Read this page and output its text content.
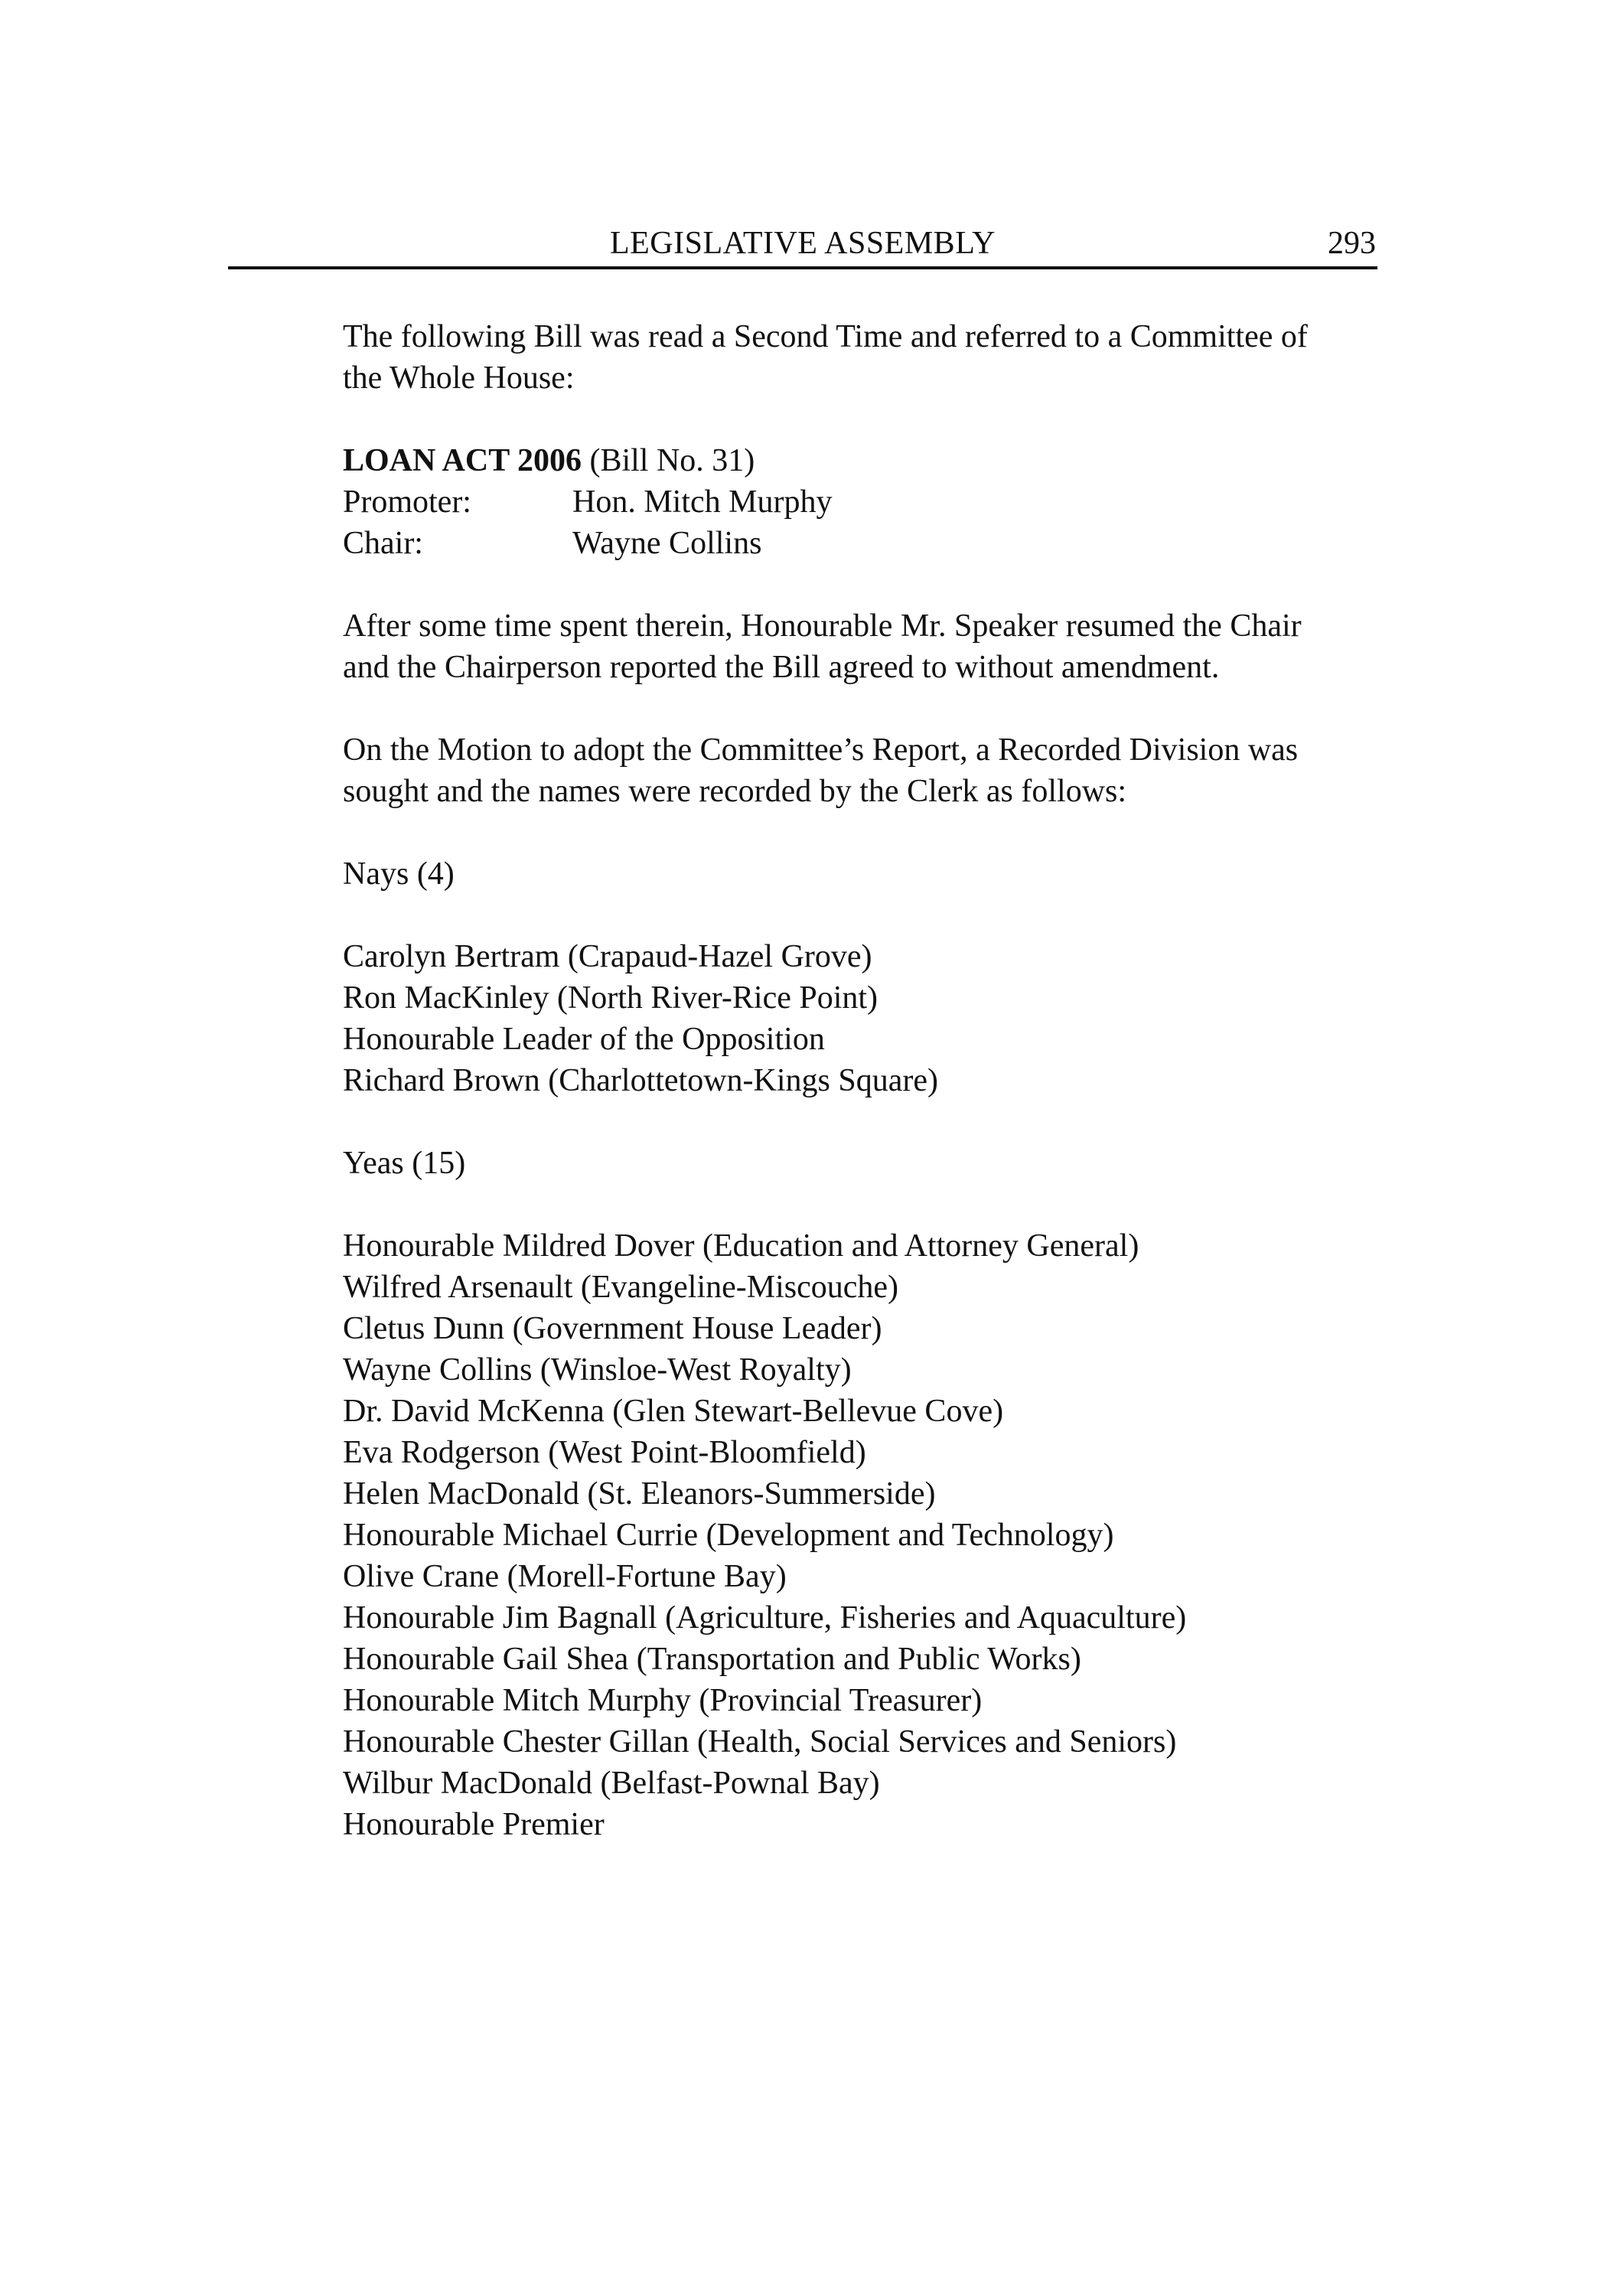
LEGISLATIVE ASSEMBLY	293

The following Bill was read a Second Time and referred to a Committee of

the Whole House:

LOAN ACT 2006 (Bill No. 31)

Promoter:	Hon. Mitch Murphy
Chair:	Wayne Collins

After some time spent therein, Honourable Mr. Speaker resumed the Chair

and the Chairperson reported the Bill agreed to without amendment.

On the Motion to adopt the Committee’s Report, a Recorded Division was

sought and the names were recorded by the Clerk as follows:

Nays (4)

Carolyn Bertram (Crapaud-Hazel Grove)

Ron MacKinley (North River-Rice Point)

Honourable Leader of the Opposition

Richard Brown (Charlottetown-Kings Square)

Yeas (15)

Honourable Mildred Dover (Education and Attorney General)

Wilfred Arsenault (Evangeline-Miscouche)

Cletus Dunn (Government House Leader)

Wayne Collins (Winsloe-West Royalty)

Dr. David McKenna (Glen Stewart-Bellevue Cove)

Eva Rodgerson (West Point-Bloomfield)

Helen MacDonald (St. Eleanors-Summerside)

Honourable Michael Currie (Development and Technology)

Olive Crane (Morell-Fortune Bay)

Honourable Jim Bagnall (Agriculture, Fisheries and Aquaculture)

Honourable Gail Shea (Transportation and Public Works)

Honourable Mitch Murphy (Provincial Treasurer)

Honourable Chester Gillan (Health, Social Services and Seniors)

Wilbur MacDonald (Belfast-Pownal Bay)

Honourable Premier
